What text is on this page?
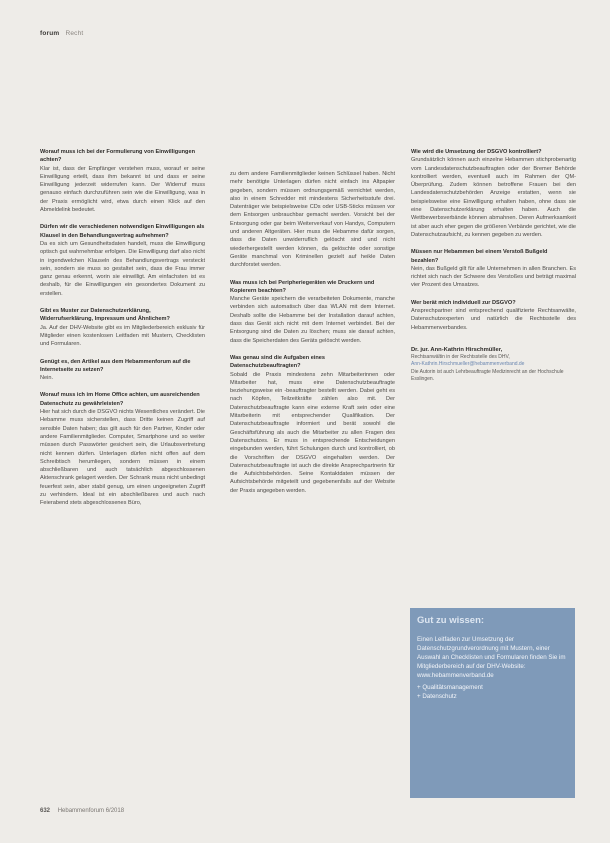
forum Recht

Worauf muss ich bei der Formulierung von Einwilligungen achten?

Klar ist, dass der Empfänger verstehen muss, worauf er seine Einwilligung erteilt, dass ihm bekannt ist und dass er seine Einwilligung jederzeit widerrufen kann. Der Widerruf muss genauso einfach durchzuführen sein wie die Einwilligung, was in der Praxis ermöglicht wird, etwa durch einen Klick auf den Abmeldelink bedeutet.

Dürfen wir die verschiedenen notwendigen Einwilligungen als Klausel in den Behandlungsvertrag aufnehmen?

Da es sich um Gesundheitsdaten handelt, muss die Einwilligung optisch gut wahrnehmbar erfolgen. Die Einwilligung darf also nicht in irgendwelchen Klauseln des Behandlungsvertrags versteckt sein, sondern sie muss so gestaltet sein, dass die Frau immer ganz genau erkennt, worin sie einwilligt. Am einfachsten ist es deshalb, für die Einwilligungen ein gesondertes Dokument zu erstellen.

Gibt es Muster zur Datenschutzerklärung, Widerrufserklärung, Impressum und Ähnlichem?

Ja. Auf der DHV-Website gibt es im Mitgliederbereich exklusiv für Mitglieder einen kostenlosen Leitfaden mit Mustern, Checklisten und Formularen.

Genügt es, den Artikel aus dem Hebammenforum auf die Internetseite zu setzen?

Nein.

Worauf muss ich im Home Office achten, um ausreichenden Datenschutz zu gewährleisten?

Hier hat sich durch die DSGVO nichts Wesentliches verändert. Die Hebamme muss sicherstellen, dass Dritte keinen Zugriff auf sensible Daten haben; das gilt auch für den Partner, Kinder oder andere Familienmitglieder. Computer, Smartphone und so weiter müssen durch Passwörter gesichert sein, die Urlaubsvertretung nicht kennen dürfen. Unterlagen dürfen nicht offen auf dem Schreibtisch herumliegen, sondern müssen in einem abschließbaren und auch tatsächlich abgeschlossenen Aktenschrank gelagert werden. Der Schrank muss nicht unbedingt feuerfest sein, aber stabil genug, um einen ungeeigneten Zugriff zu verhindern. Ideal ist ein abschließbares und auch nach Feierabend stets abgeschlossenes Büro,

zu dem andere Familienmitglieder keinen Schlüssel haben. Nicht mehr benötigte Unterlagen dürfen nicht einfach ins Altpapier gegeben, sondern müssen ordnungsgemäß vernichtet werden, also in einem Schredder mit mindestens Sicherheitsstufe drei. Datenträger wie beispielsweise CDs oder USB-Sticks müssen vor dem Entsorgen unbrauchbar gemacht werden. Vorsicht bei der Entsorgung oder gar beim Weiterverkauf von Handys, Computern und anderen Altgeräten. Hier muss die Hebamme dafür sorgen, dass die Daten unwiderruflich gelöscht sind und nicht wiederhergestellt werden können, da gelöschte oder sonstige Geräte manchmal von Kriminellen gezielt auf heikle Daten durchforstet werden.

Was muss ich bei Peripheriegeräten wie Druckern und Kopierern beachten?

Manche Geräte speichern die verarbeiteten Dokumente, manche verbinden sich automatisch über das WLAN mit dem Internet. Deshalb sollte die Hebamme bei der Installation darauf achten, dass das Gerät sich nicht mit dem Internet verbindet. Bei der Entsorgung sind die Daten zu löschen; muss sie darauf achten, dass die Speicherdaten des Geräts gelöscht werden.

Was genau sind die Aufgaben eines Datenschutzbeauftragten?

Sobald die Praxis mindestens zehn Mitarbeiterinnen oder Mitarbeiter hat, muss eine Datenschutzbeauftragte beziehungsweise ein -beauftragter bestellt werden. Dabei geht es nach Köpfen, Teilzeitkräfte zählen also mit. Der Datenschutzbeauftragte kann eine externe Kraft sein oder eine Mitarbeiterin mit entsprechender Qualifikation. Der Datenschutzbeauftragte informiert und berät sowohl die Geschäftsführung als auch die Mitarbeiter zu allen Fragen des Datenschutzes. Er muss in entsprechende Entscheidungen eingebunden werden, führt Schulungen durch und kontrolliert, ob die Vorschriften der DSGVO eingehalten werden. Der Datenschutzbeauftragte ist auch die direkte Ansprechpartnerin für die Aufsichtsbehörden. Seine Kontaktdaten müssen der Aufsichtsbehörde mitgeteilt und gegebenenfalls auf der Website der Praxis angegeben werden.

Wie wird die Umsetzung der DSGVO kontrolliert?

Grundsätzlich können auch einzelne Hebammen stichprobenartig vom Landesdatenschutzbeauftragten oder der Bremer Behörde kontrolliert werden, eventuell auch im Rahmen der QM-Überprüfung. Zudem können betroffene Frauen bei den Landesdatenschutzbehörden Anzeige erstatten, wenn sie beispielsweise eine Einwilligung erhalten haben, ohne dass sie eine Datenschutzerklärung erhalten haben. Auch die Wettbewerbsverbände können abmahnen. Deren Aufmerksamkeit ist aber auch eher gegen die größeren Verbände gerichtet, wie die Datenschutzaufsicht, zu kennen gegeben zu werden.

Müssen nur Hebammen bei einem Verstoß Bußgeld bezahlen?

Nein, das Bußgeld gilt für alle Unternehmen in allen Branchen. Es richtet sich nach der Schwere des Verstoßes und beträgt maximal vier Prozent des Umsatzes.

Wer berät mich individuell zur DSGVO?

Ansprechpartner sind entsprechend qualifizierte Rechtsanwälte, Datenschutzexperten und natürlich die Rechtsstelle des Hebammenverbandes.

Dr. jur. Ann-Kathrin Hirschmüller,
Rechtsanwältin in der Rechtsstelle des DHV,
Ann-Kathrin.Hirschmueller@hebammenverband.de
Die Autorin ist auch Lehrbeauftragte Medizinrecht an der Hochschule Esslingen.
Gut zu wissen:

Einen Leitfaden zur Umsetzung der Datenschutzgrundverordnung mit Mustern, einer Auswahl an Checklisten und Formularen finden Sie im Mitgliederbereich auf der DHV-Website:

www.hebammenverband.de

+ Qualitätsmanagement
+ Datenschutz
632 Hebammenforum 6/2018
